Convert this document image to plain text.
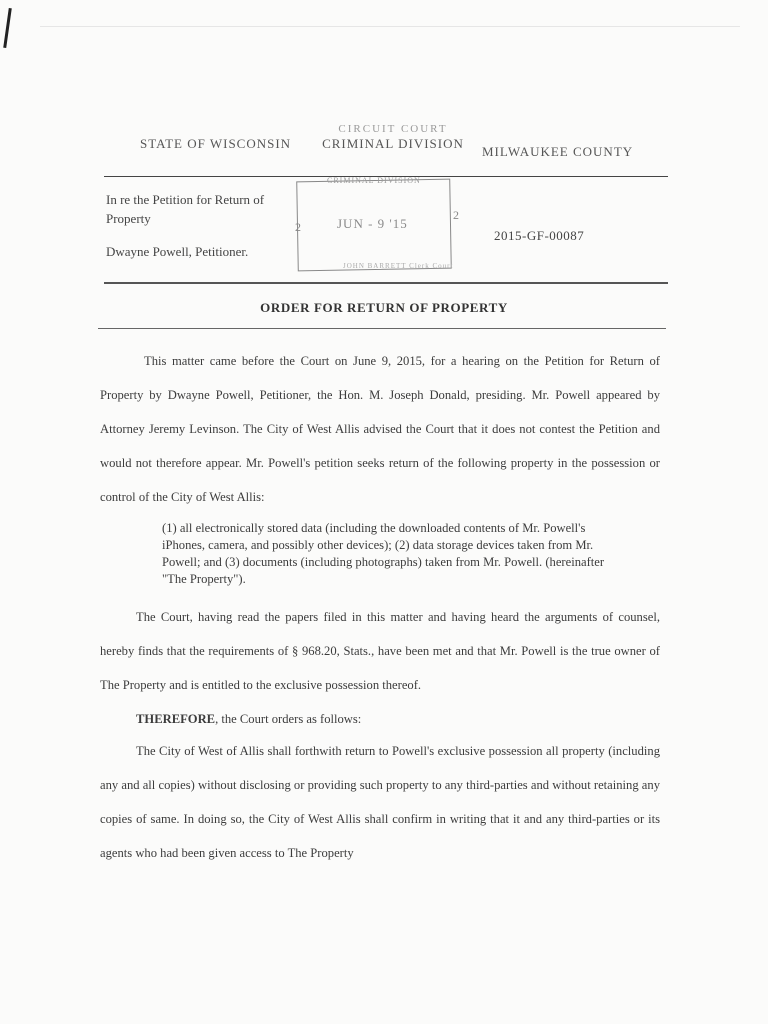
STATE OF WISCONSIN
CIRCUIT COURT
CRIMINAL DIVISION
MILWAUKEE COUNTY
In re the Petition for Return of Property
Dwayne Powell, Petitioner.
CRIMINAL DIVISION
2	JUN - 9 '15
2
JOHN BARRETT Clerk Court
2015-GF-00087
ORDER FOR RETURN OF PROPERTY
This matter came before the Court on June 9, 2015, for a hearing on the Petition for Return of Property by Dwayne Powell, Petitioner, the Hon. M. Joseph Donald, presiding. Mr. Powell appeared by Attorney Jeremy Levinson. The City of West Allis advised the Court that it does not contest the Petition and would not therefore appear. Mr. Powell's petition seeks return of the following property in the possession or control of the City of West Allis:
(1) all electronically stored data (including the downloaded contents of Mr. Powell's iPhones, camera, and possibly other devices); (2) data storage devices taken from Mr. Powell; and (3) documents (including photographs) taken from Mr. Powell. (hereinafter "The Property").
The Court, having read the papers filed in this matter and having heard the arguments of counsel, hereby finds that the requirements of § 968.20, Stats., have been met and that Mr. Powell is the true owner of The Property and is entitled to the exclusive possession thereof.
THEREFORE, the Court orders as follows:
The City of West of Allis shall forthwith return to Powell's exclusive possession all property (including any and all copies) without disclosing or providing such property to any third-parties and without retaining any copies of same. In doing so, the City of West Allis shall confirm in writing that it and any third-parties or its agents who had been given access to The Property
